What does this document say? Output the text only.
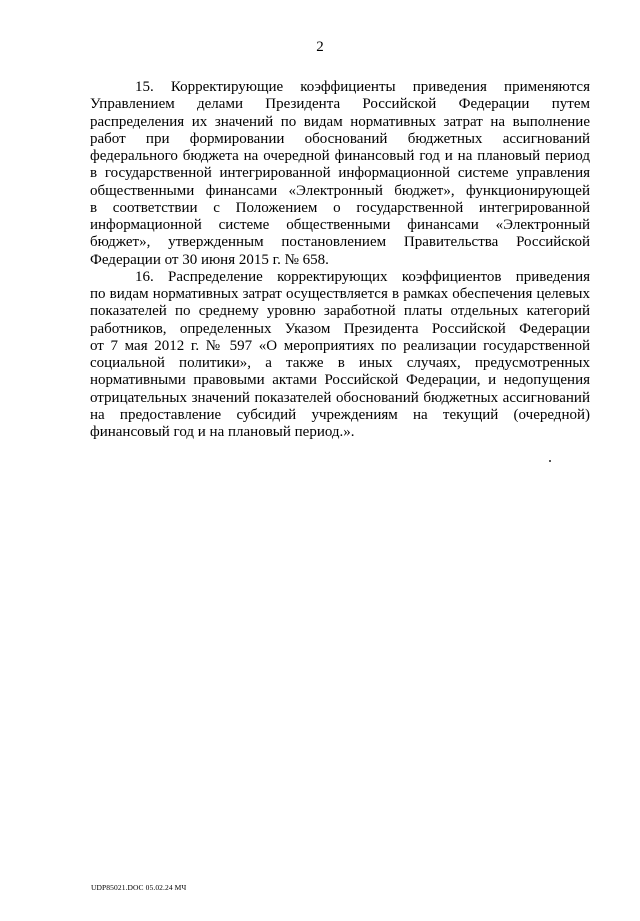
2
15. Корректирующие коэффициенты приведения применяются
Управлением делами Президента Российской Федерации путем
распределения их значений по видам нормативных затрат на выполнение
работ при формировании обоснований бюджетных ассигнований
федерального бюджета на очередной финансовый год и на плановый период
в государственной интегрированной информационной системе управления
общественными финансами «Электронный бюджет», функционирующей
в соответствии с Положением о государственной интегрированной
информационной системе общественными финансами «Электронный
бюджет», утвержденным постановлением Правительства Российской
Федерации от 30 июня 2015 г. № 658.
16. Распределение корректирующих коэффициентов приведения
по видам нормативных затрат осуществляется в рамках обеспечения целевых
показателей по среднему уровню заработной платы отдельных категорий
работников, определенных Указом Президента Российской Федерации
от 7 мая 2012 г. № 597 «О мероприятиях по реализации государственной
социальной политики», а также в иных случаях, предусмотренных
нормативными правовыми актами Российской Федерации, и недопущения
отрицательных значений показателей обоснований бюджетных ассигнований
на предоставление субсидий учреждениям на текущий (очередной)
финансовый год и на плановый период.».
UDP85021.DOC 05.02.24 МЧ
